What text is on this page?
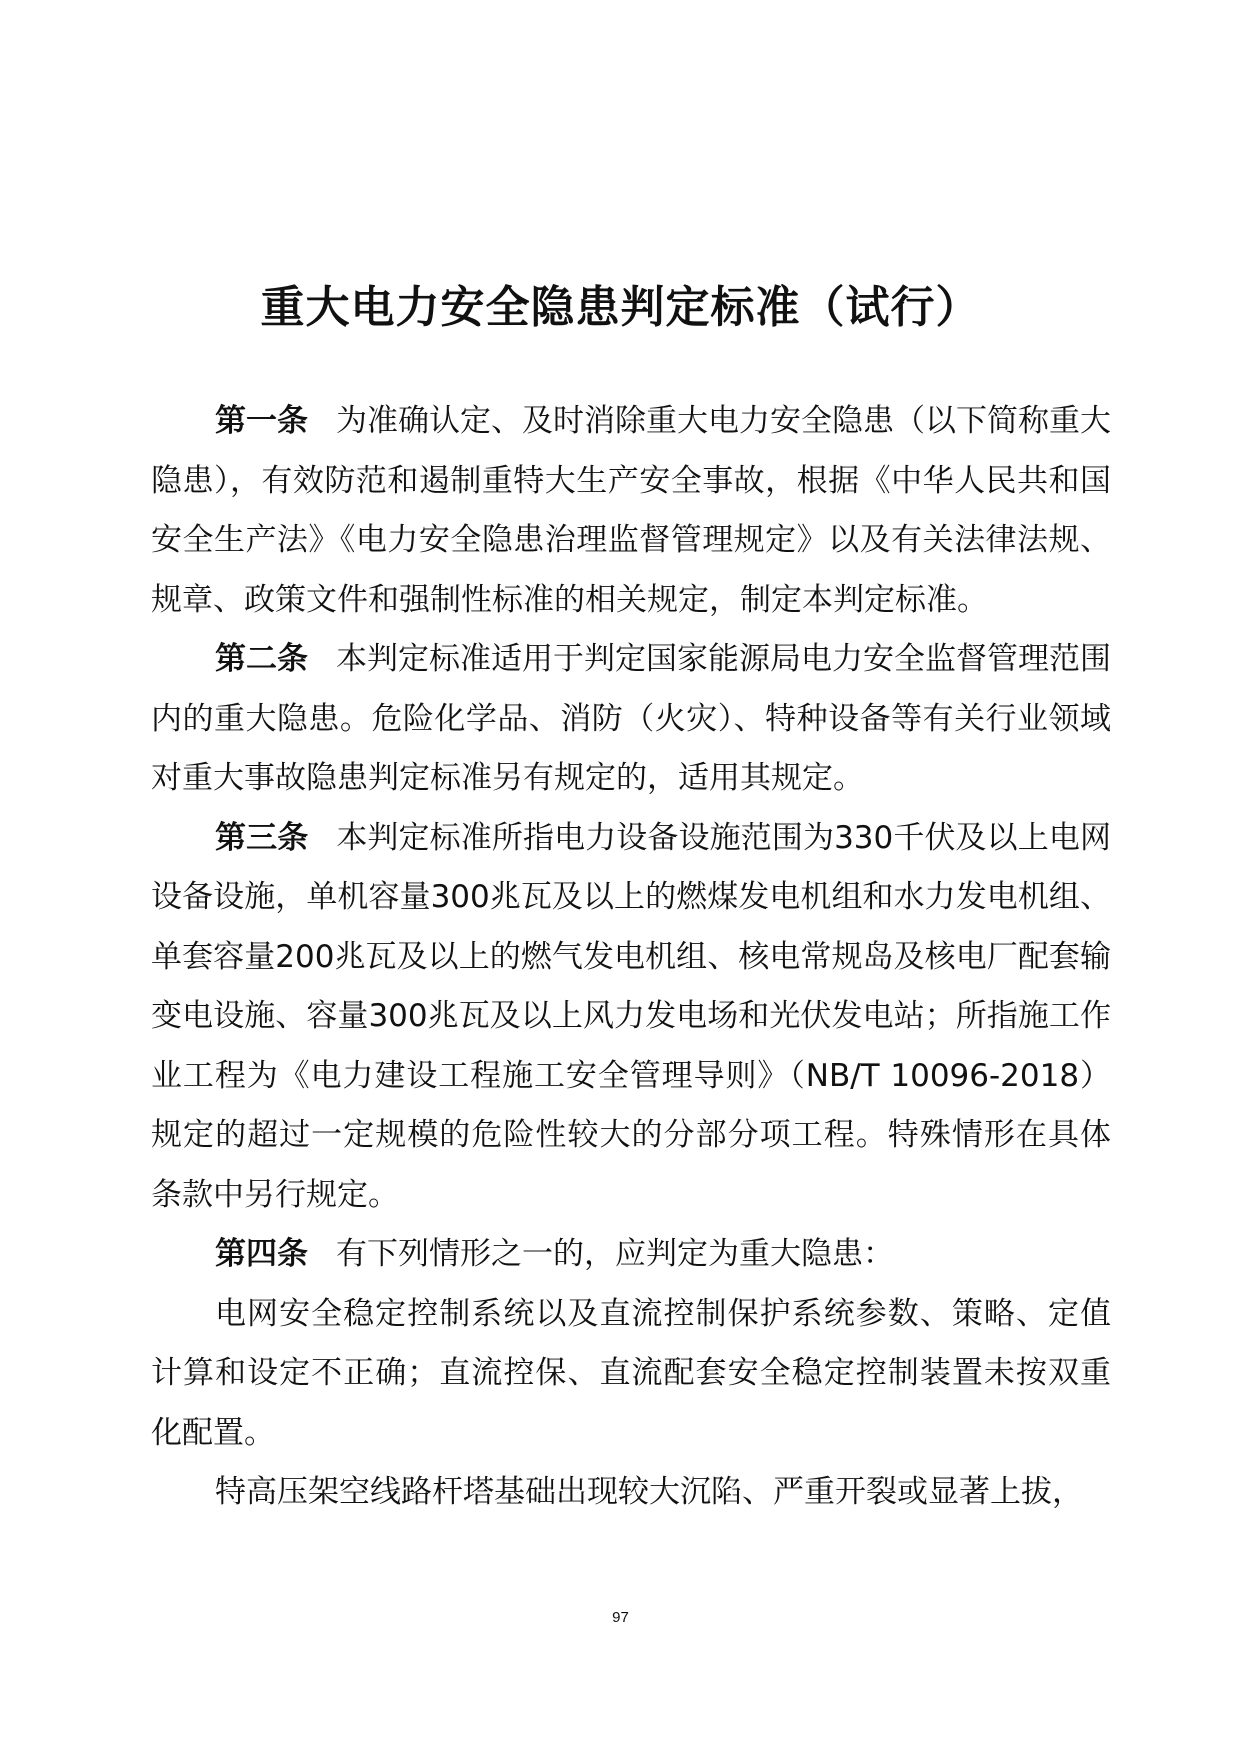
重大电力安全隐患判定标准（试行）

第一条 为准确认定、及时消除重大电力安全隐患（以下简称重大隐患），有效防范和遏制重特大生产安全事故，根据《中华人民共和国安全生产法》《电力安全隐患治理监督管理规定》以及有关法律法规、规章、政策文件和强制性标准的相关规定，制定本判定标准。

第二条 本判定标准适用于判定国家能源局电力安全监督管理范围内的重大隐患。危险化学品、消防（火灾）、特种设备等有关行业领域对重大事故隐患判定标准另有规定的，适用其规定。

第三条 本判定标准所指电力设备设施范围为330千伏及以上电网设备设施，单机容量300兆瓦及以上的燃煤发电机组和水力发电机组、单套容量200兆瓦及以上的燃气发电机组、核电常规岛及核电厂配套输变电设施、容量300兆瓦及以上风力发电场和光伏发电站；所指施工作业工程为《电力建设工程施工安全管理导则》（NB/T 10096-2018）规定的超过一定规模的危险性较大的分部分项工程。特殊情形在具体条款中另行规定。

第四条 有下列情形之一的，应判定为重大隐患：

电网安全稳定控制系统以及直流控制保护系统参数、策略、定值计算和设定不正确；直流控保、直流配套安全稳定控制装置未按双重化配置。

特高压架空线路杆塔基础出现较大沉陷、严重开裂或显著上拔，

97
